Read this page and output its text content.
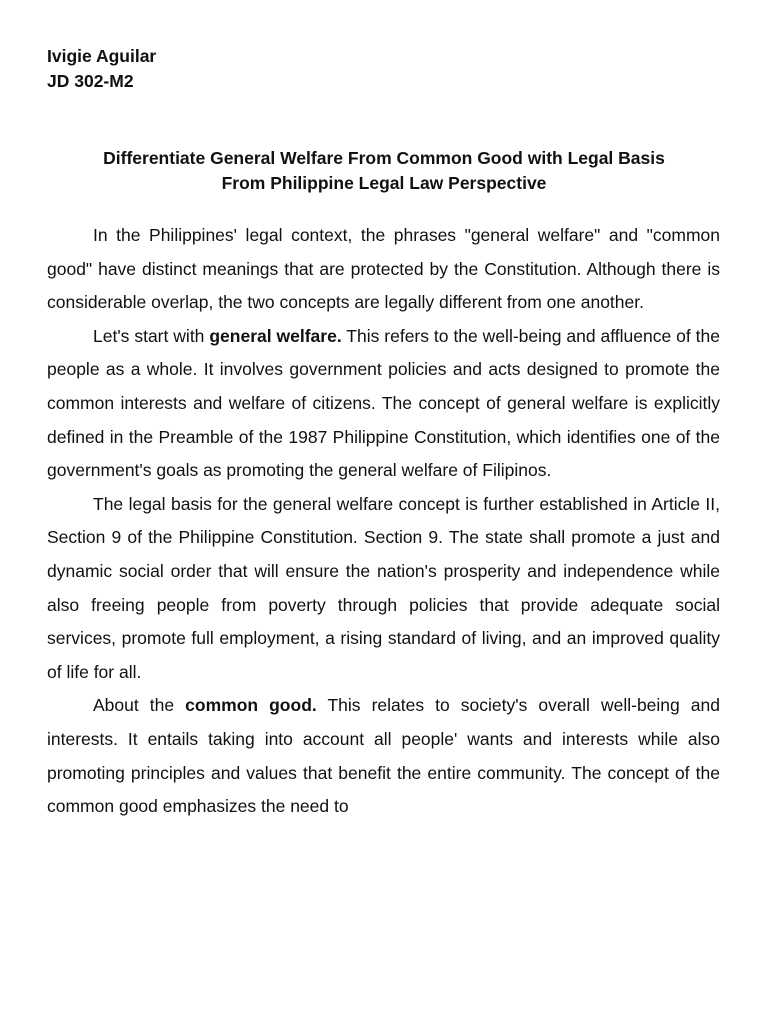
Ivigie Aguilar
JD 302-M2
Differentiate General Welfare From Common Good with Legal Basis
From Philippine Legal Law Perspective

In the Philippines' legal context, the phrases "general welfare" and "common good" have distinct meanings that are protected by the Constitution. Although there is considerable overlap, the two concepts are legally different from one another.

Let's start with general welfare. This refers to the well-being and affluence of the people as a whole. It involves government policies and acts designed to promote the common interests and welfare of citizens. The concept of general welfare is explicitly defined in the Preamble of the 1987 Philippine Constitution, which identifies one of the government's goals as promoting the general welfare of Filipinos.

The legal basis for the general welfare concept is further established in Article II, Section 9 of the Philippine Constitution. Section 9. The state shall promote a just and dynamic social order that will ensure the nation's prosperity and independence while also freeing people from poverty through policies that provide adequate social services, promote full employment, a rising standard of living, and an improved quality of life for all.

About the common good. This relates to society's overall well-being and interests. It entails taking into account all people' wants and interests while also promoting principles and values that benefit the entire community. The concept of the common good emphasizes the need to
